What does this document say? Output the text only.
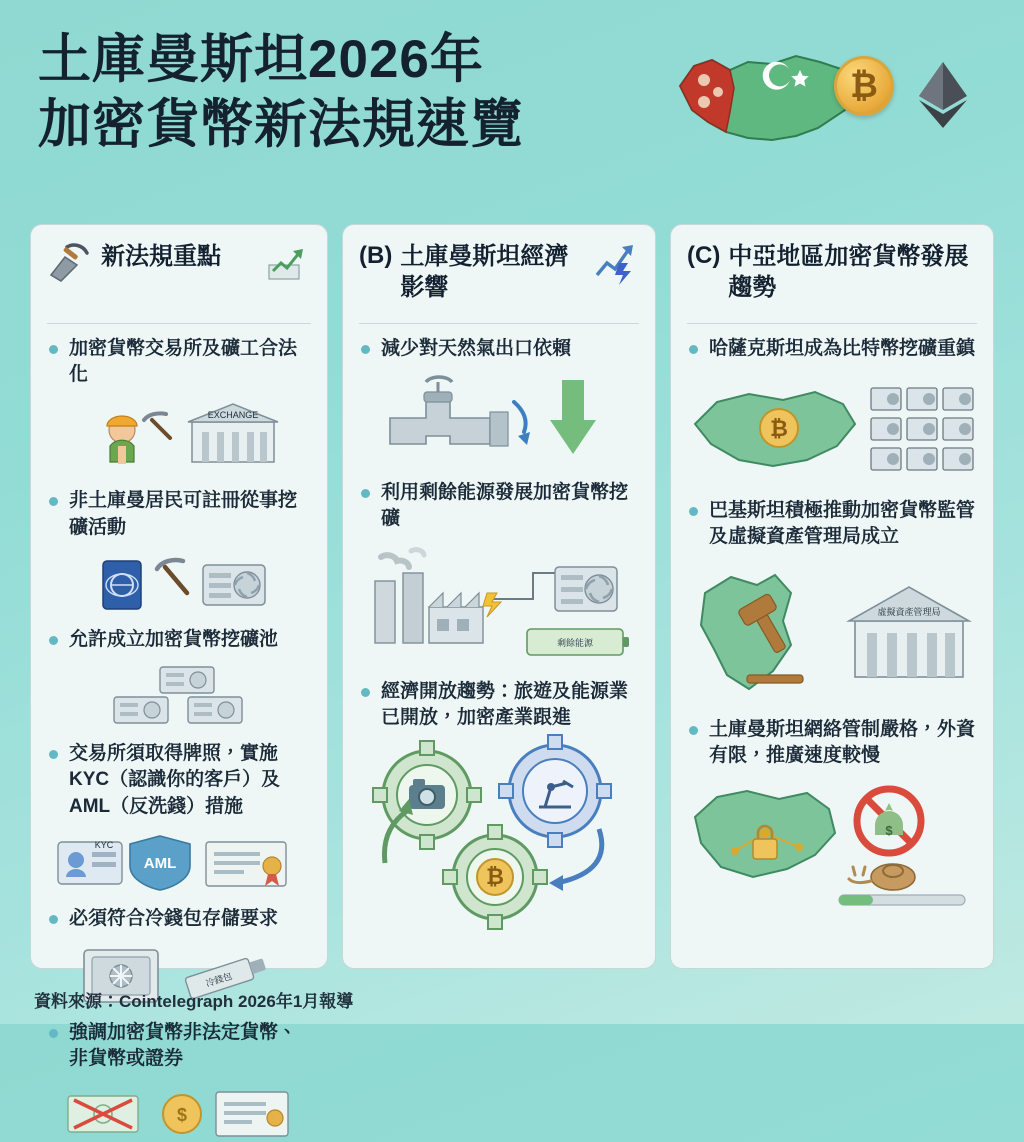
土庫曼斯坦2026年
加密貨幣新法規速覽
₿
新法規重點
加密貨幣交易所及礦工合法化
EXCHANGE
非土庫曼居民可註冊從事挖礦活動
允許成立加密貨幣挖礦池
交易所須取得牌照，實施KYC（認識你的客戶）及AML（反洗錢）措施
KYC
AML
必須符合冷錢包存儲要求
冷錢包
強調加密貨幣非法定貨幣、非貨幣或證券
$
(B) 土庫曼斯坦經濟影響
減少對天然氣出口依賴
利用剩餘能源發展加密貨幣挖礦
剩餘能源
經濟開放趨勢：旅遊及能源業已開放，加密產業跟進
₿
(C) 中亞地區加密貨幣發展趨勢
哈薩克斯坦成為比特幣挖礦重鎮
₿
巴基斯坦積極推動加密貨幣監管及虛擬資產管理局成立
虛擬資產管理局
土庫曼斯坦網絡管制嚴格，外資有限，推廣速度較慢
$
資料來源：Cointelegraph 2026年1月報導
